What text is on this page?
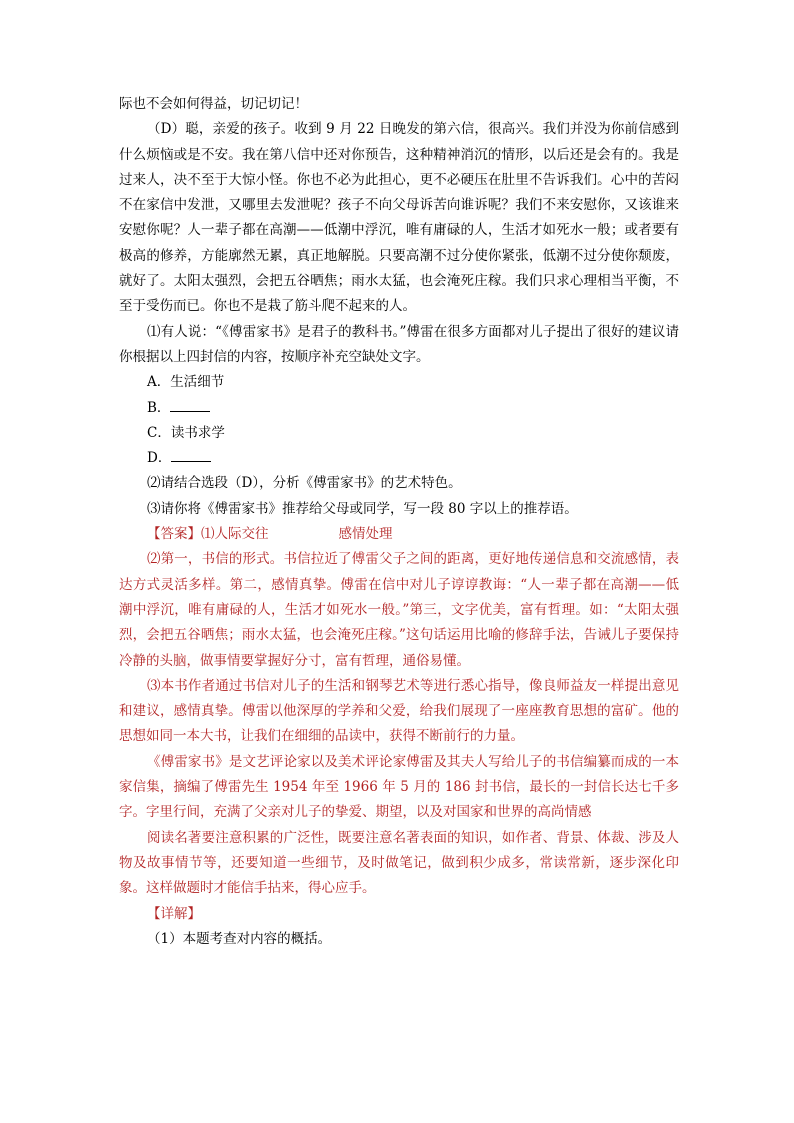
际也不会如何得益，切记切记！

（D）聪，亲爱的孩子。收到 9 月 22 日晚发的第六信，很高兴。我们并没为你前信感到什么烦恼或是不安。我在第八信中还对你预告，这种精神消沉的情形，以后还是会有的。我是过来人，决不至于大惊小怪。你也不必为此担心，更不必硬压在肚里不告诉我们。心中的苦闷不在家信中发泄，又哪里去发泄呢？孩子不向父母诉苦向谁诉呢？我们不来安慰你，又该谁来安慰你呢？人一辈子都在高潮——低潮中浮沉，唯有庸碌的人，生活才如死水一般；或者要有极高的修养，方能廓然无累，真正地解脱。只要高潮不过分使你紧张，低潮不过分使你颓废，就好了。太阳太强烈，会把五谷晒焦；雨水太猛，也会淹死庄稼。我们只求心理相当平衡，不至于受伤而已。你也不是栽了筋斗爬不起来的人。

⑴有人说：“《傅雷家书》是君子的教科书。”傅雷在很多方面都对儿子提出了很好的建议请你根据以上四封信的内容，按顺序补充空缺处文字。

A．生活细节

B．

C．读书求学

D．

⑵请结合选段（D），分析《傅雷家书》的艺术特色。

⑶请你将《傅雷家书》推荐给父母或同学，写一段 80 字以上的推荐语。

【答案】⑴人际交往	感情处理

⑵第一，书信的形式。书信拉近了傅雷父子之间的距离，更好地传递信息和交流感情，表达方式灵活多样。第二，感情真挚。傅雷在信中对儿子谆谆教诲：“人一辈子都在高潮——低潮中浮沉，唯有庸碌的人，生活才如死水一般。”第三，文字优美，富有哲理。如：“太阳太强烈，会把五谷晒焦；雨水太猛，也会淹死庄稼。”这句话运用比喻的修辞手法，告诫儿子要保持冷静的头脑，做事情要掌握好分寸，富有哲理，通俗易懂。

⑶本书作者通过书信对儿子的生活和钢琴艺术等进行悉心指导，像良师益友一样提出意见和建议，感情真挚。傅雷以他深厚的学养和父爱，给我们展现了一座座教育思想的富矿。他的思想如同一本大书，让我们在细细的品读中，获得不断前行的力量。

《傅雷家书》是文艺评论家以及美术评论家傅雷及其夫人写给儿子的书信编纂而成的一本家信集，摘编了傅雷先生 1954 年至 1966 年 5 月的 186 封书信，最长的一封信长达七千多字。字里行间，充满了父亲对儿子的挚爱、期望，以及对国家和世界的高尚情感

阅读名著要注意积累的广泛性，既要注意名著表面的知识，如作者、背景、体裁、涉及人物及故事情节等，还要知道一些细节，及时做笔记，做到积少成多，常读常新，逐步深化印象。这样做题时才能信手拈来，得心应手。

【详解】

（1）本题考查对内容的概括。
